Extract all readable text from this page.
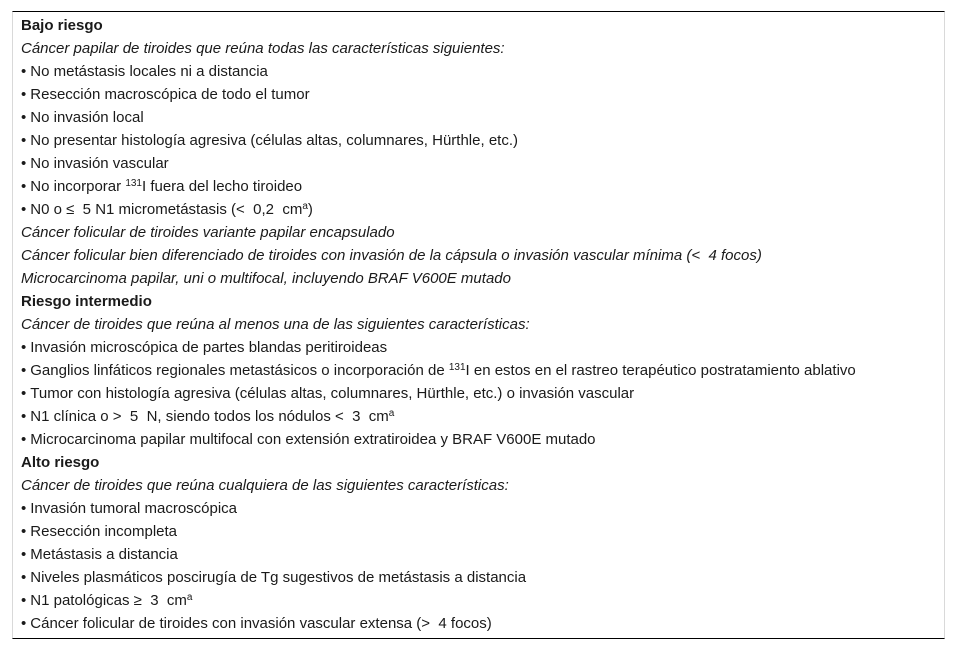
Bajo riesgo
Cáncer papilar de tiroides que reúna todas las características siguientes:
• No metástasis locales ni a distancia
• Resección macroscópica de todo el tumor
• No invasión local
• No presentar histología agresiva (células altas, columnares, Hürthle, etc.)
• No invasión vascular
• No incorporar $^{131}$I fuera del lecho tiroideo
• N0 o ≤  5 N1 micrometástasis (<  0,2  $cm^a$)
Cáncer folicular de tiroides variante papilar encapsulado
Cáncer folicular bien diferenciado de tiroides con invasión de la cápsula o invasión vascular mínima (<  4 focos)
Microcarcinoma papilar, uni o multifocal, incluyendo BRAF V600E mutado
Riesgo intermedio
Cáncer de tiroides que reúna al menos una de las siguientes características:
• Invasión microscópica de partes blandas peritiroideas
• Ganglios linfáticos regionales metastásicos o incorporación de $^{131}$I en estos en el rastreo terapéutico postratamiento ablativo
• Tumor con histología agresiva (células altas, columnares, Hürthle, etc.) o invasión vascular
• N1 clínica o >  5  N, siendo todos los nódulos <  3  $cm^a$
• Microcarcinoma papilar multifocal con extensión extratiroidea y BRAF V600E mutado
Alto riesgo
Cáncer de tiroides que reúna cualquiera de las siguientes características:
• Invasión tumoral macroscópica
• Resección incompleta
• Metástasis a distancia
• Niveles plasmáticos poscirugía de Tg sugestivos de metástasis a distancia
• N1 patológicas ≥  3  $cm^a$
• Cáncer folicular de tiroides con invasión vascular extensa (>  4 focos)
